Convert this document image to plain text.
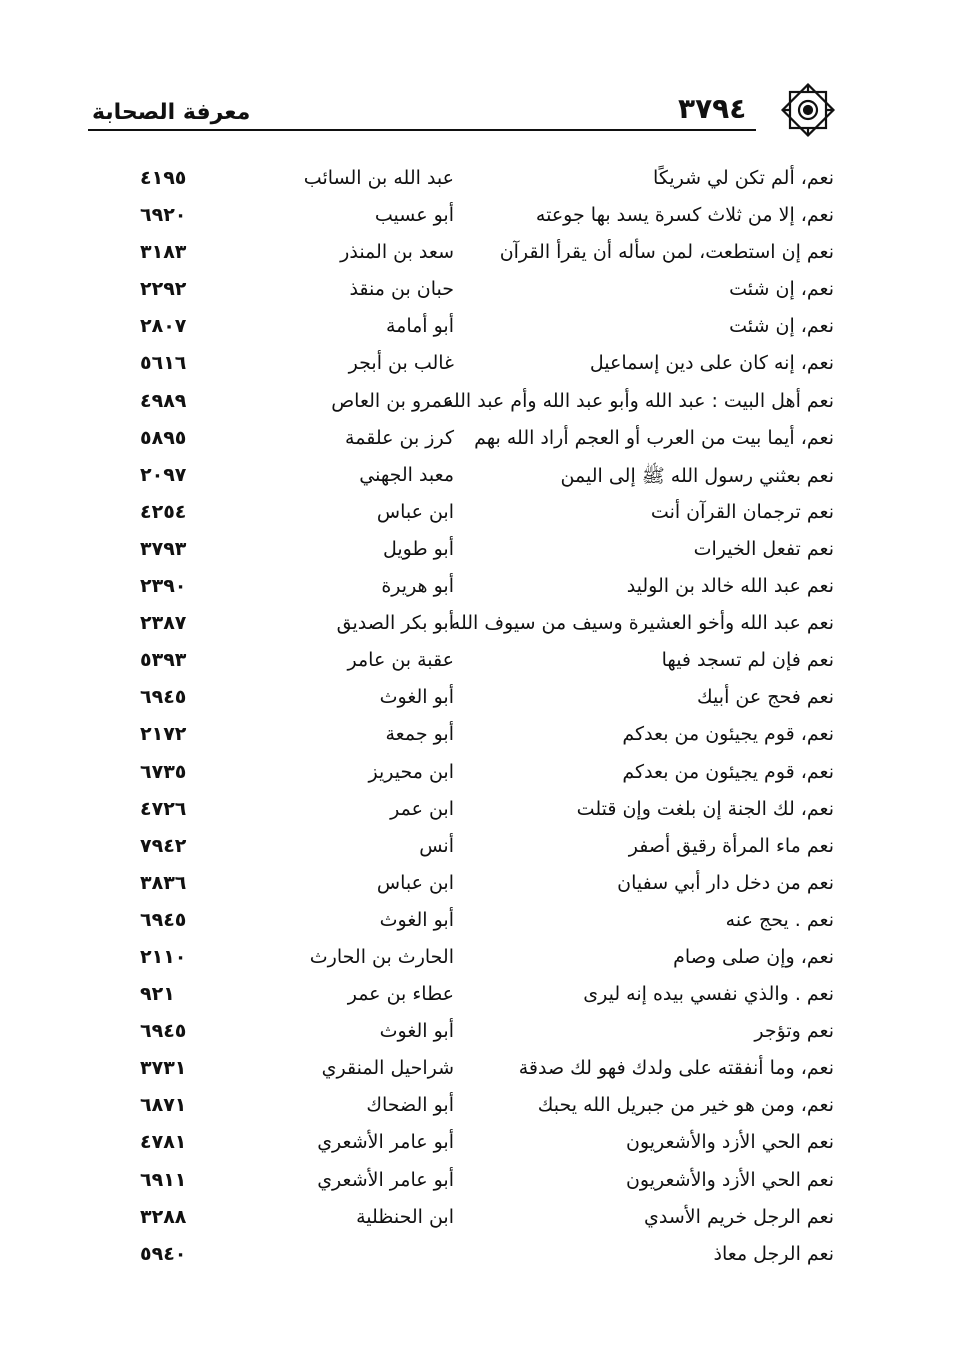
معرفة الصحابة	٣٧٩٤
نعم، ألم تكن لي شريكًا
عبد الله بن السائب
٤١٩٥
نعم، إلا من ثلاث كسرة يسد بها جوعته
أبو عسيب
٦٩٢٠
نعم إن استطعت، لمن سأله أن يقرأ القرآن
سعد بن المنذر
٣١٨٣
نعم، إن شئت
حبان بن منقذ
٢٢٩٢
نعم، إن شئت
أبو أمامة
٢٨٠٧
نعم، إنه كان على دين إسماعيل
غالب بن أبجر
٥٦١٦
نعم أهل البيت : عبد الله وأبو عبد الله وأم عبد الله
عمرو بن العاص
٤٩٨٩
نعم، أيما بيت من العرب أو العجم أراد الله بهم
كرز بن علقمة
٥٨٩٥
نعم بعثني رسول الله ﷺ إلى اليمن
معبد الجهني
٢٠٩٧
نعم ترجمان القرآن أنت
ابن عباس
٤٢٥٤
نعم تفعل الخيرات
أبو طويل
٣٧٩٣
نعم عبد الله خالد بن الوليد
أبو هريرة
٢٣٩٠
نعم عبد الله وأخو العشيرة وسيف من سيوف الله
أبو بكر الصديق
٢٣٨٧
نعم فإن لم تسجد فيها
عقبة بن عامر
٥٣٩٣
نعم فحج عن أبيك
أبو الغوث
٦٩٤٥
نعم، قوم يجيئون من بعدكم
أبو جمعة
٢١٧٢
نعم، قوم يجيئون من بعدكم
ابن محيريز
٦٧٣٥
نعم، لك الجنة إن بلغت وإن قتلت
ابن عمر
٤٧٢٦
نعم ماء المرأة رقيق أصفر
أنس
٧٩٤٢
نعم من دخل دار أبي سفيان
ابن عباس
٣٨٣٦
نعم . يحج عنه
أبو الغوث
٦٩٤٥
نعم، وإن صلى وصام
الحارث بن الحارث
٢١١٠
نعم . والذي نفسي بيده إنه ليرى
عطاء بن عمر
٩٢١
نعم وتؤجر
أبو الغوث
٦٩٤٥
نعم، وما أنفقته على ولدك فهو لك صدقة
شراحيل المنقري
٣٧٣١
نعم، ومن هو خير من جبريل الله يحبك
أبو الضحاك
٦٨٧١
نعم الحي الأزد والأشعريون
أبو عامر الأشعري
٤٧٨١
نعم الحي الأزد والأشعريون
أبو عامر الأشعري
٦٩١١
نعم الرجل خريم الأسدي
ابن الحنظلية
٣٢٨٨
نعم الرجل معاذ
٥٩٤٠
